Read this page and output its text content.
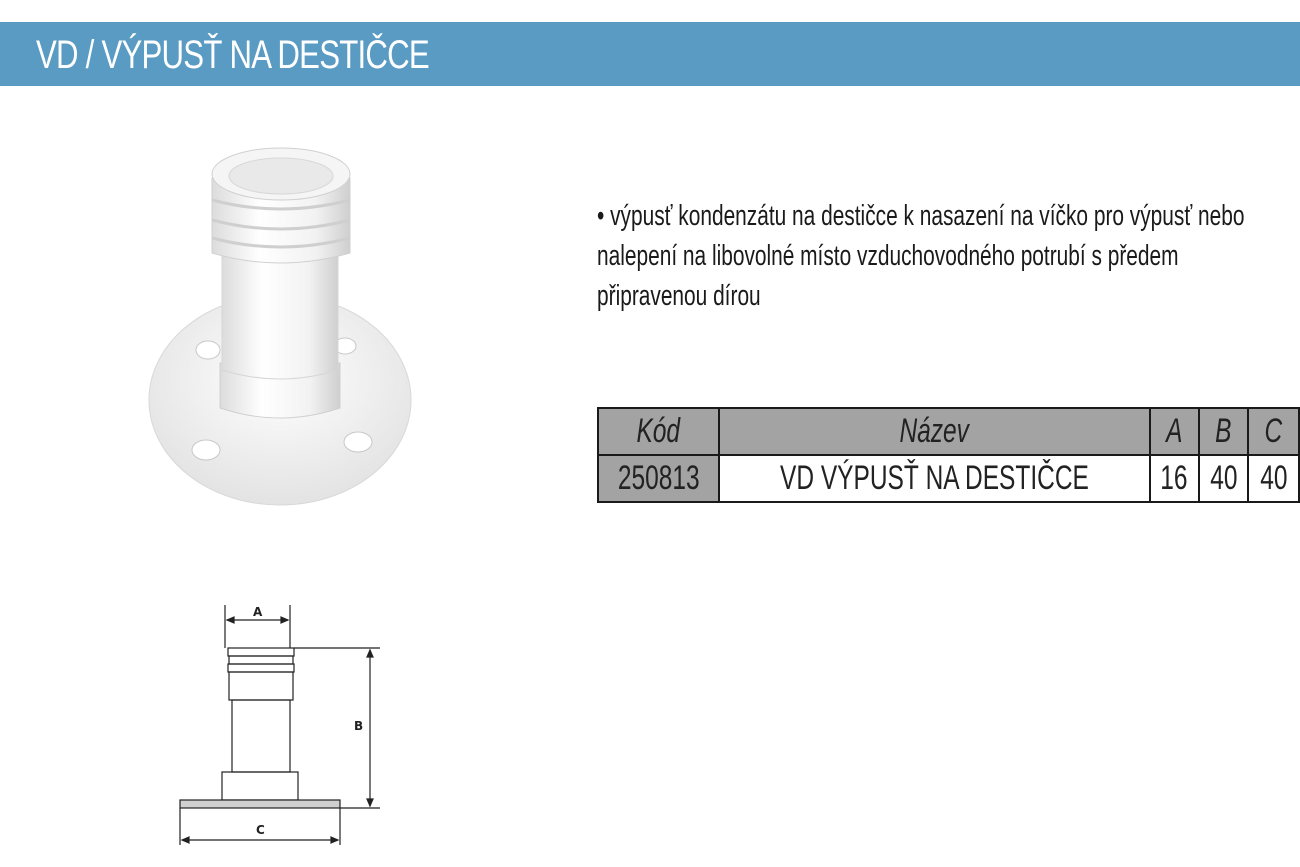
VD / VÝPUSŤ NA DESTIČCE
• výpusť kondenzátu na destičce k nasazení na víčko pro výpusť nebo nalepení na libovolné místo vzduchovodného potrubí s předem připravenou dírou
Kód	Název	A	B	C
250813	VD VÝPUSŤ NA DESTIČCE	16	40	40
A
B
C
